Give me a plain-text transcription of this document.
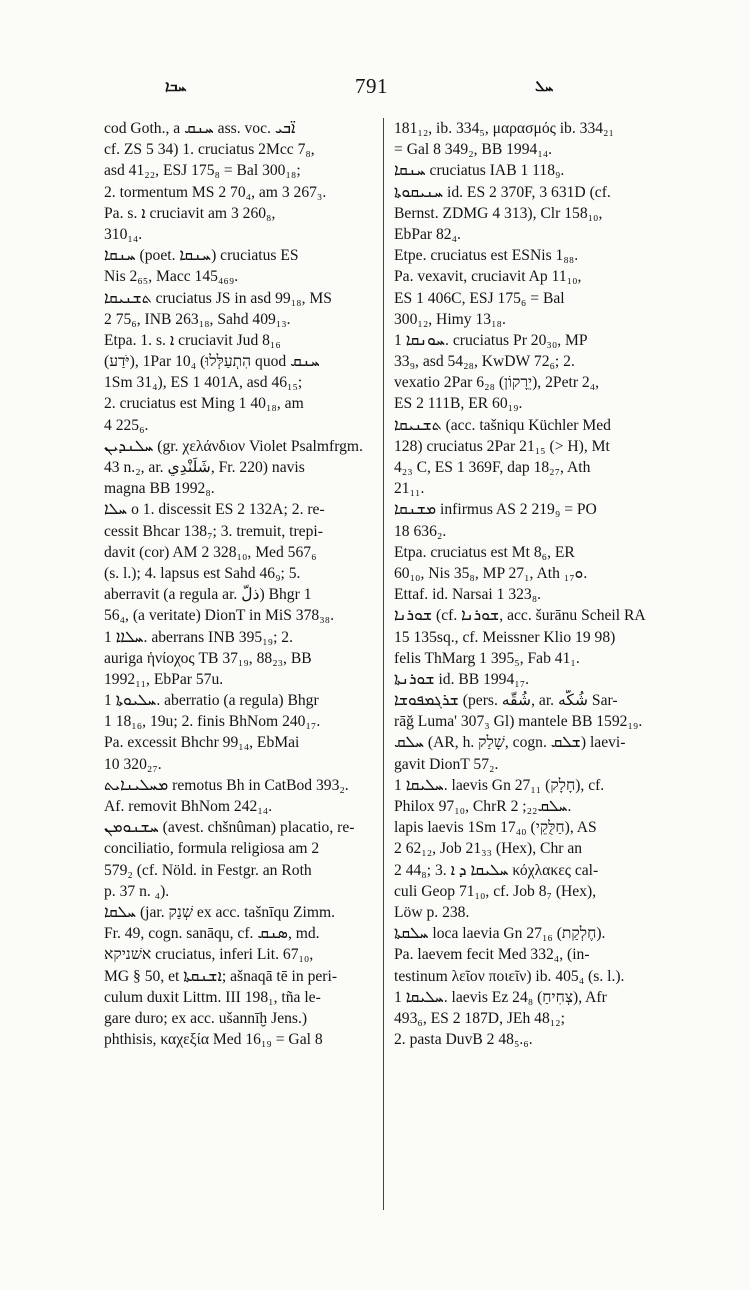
ܚܒܐ	791	ܚܠ
cod Goth., a ܚܢܩ ass. voc. ܐ̈ܒܝ
cf. ZS 5 34) 1. cruciatus 2Mcc 7₈,
asd 41₂₂, ESJ 175₈ = Bal 300₁₈;
2. tormentum MS 2 70₄, am 3 267₃.
Pa. s. ܐ cruciavit am 3 260₈,
310₁₄.
ܚܢܩܐ (poet. ܚܢܩܐ) cruciatus ES
Nis 2₆₅, Macc 145₄₆₉.
ܬܫܢܝܩܐ cruciatus JS in asd 99₁₈, MS
2 75₆, INB 263₁₈, Sahd 409₁₃.
Etpa. 1. s. ܐ cruciavit Jud 8₁₆
(יֹּדַע), 1Par 10₄ (הִתְעַלְּלוּ quod ܚܢܩ
1Sm 31₄), ES 1 401A, asd 46₁₅;
2. cruciatus est Ming 1 40₁₈, am
4 225₆.
ܚܠܢܕܝܢ (gr. χελάνδιον Violet Psalmfrgm.
43 n.₂, ar. شَلَنْدِي, Fr. 220) navis
magna BB 1992₈.
ܚܠܐ o 1. discessit ES 2 132A; 2. re-
cessit Bhcar 138₇; 3. tremuit, trepi-
davit (cor) AM 2 328₁₀, Med 567₆
(s. l.); 4. lapsus est Sahd 46₉; 5.
aberravit (a regula ar. ذلّ) Bhgr 1
56₄, (a veritate) DionT in MiS 378₃₈.
ܚܠܐܐ 1. aberrans INB 395₁₉; 2.
auriga ἡνίοχος TB 37₁₉, 88₂₃, BB
1992₁₁, EbPar 57u.
ܚܠܝܘܬܐ 1. aberratio (a regula) Bhgr
1 18₁₆, 19u; 2. finis BhNom 240₁₇.
Pa. excessit Bhchr 99₁₄, EbMai
10 320₂₇.
ܡܚܠܝܢܐܝܬ remotus Bh in CatBod 393₂.
Af. removit BhNom 242₁₄.
ܚܫܢܘܡܢ (avest. chšnûman) placatio, re-
conciliatio, formula religiosa am 2
579₂ (cf. Nöld. in Festgr. an Roth
p. 37 n. ₄).
ܚܠܩܐ (jar. שְׁנַק ex acc. tašnīqu Zimm.
Fr. 49, cogn. sanāqu, cf. ܣܢܩ, md.
אשׁניקא cruciatus, inferi Lit. 67₁₀,
MG § 50, et ܐܫܢܩܬܐ; ašnaqā tē in peri-
culum duxit Littm. III 198₁, tña le-
gare duro; ex acc. ušannīḫ Jens.)
phthisis, καχεξία Med 16₁₉ = Gal 8
181₁₂, ib. 334₅, μαρασμός ib. 334₂₁
= Gal 8 349₂, BB 1994₁₄.
ܚܢܩܐ cruciatus IAB 1 118₉.
ܚܢܝܩܘܬܐ id. ES 2 370F, 3 631D (cf.
Bernst. ZDMG 4 313), Clr 158₁₀,
EbPar 82₄.
Etpe. cruciatus est ESNis 1₈₈.
Pa. vexavit, cruciavit Ap 11₁₀,
ES 1 406C, ESJ 175₆ = Bal
300₁₂, Himy 13₁₈.
ܚܘܢܩܐ 1. cruciatus Pr 20₃₀, MP
33₉, asd 54₂₈, KwDW 72₆; 2.
vexatio 2Par 6₂₈ (יֵרָקוֹן), 2Petr 2₄,
ES 2 111B, ER 60₁₉.
ܬܫܢܝܩܐ (acc. tašniqu Küchler Med
128) cruciatus 2Par 21₁₅ (> H), Mt
4₂₃ C, ES 1 369F, dap 18₂₇, Ath
21₁₁.
ܡܫܢܩܐ infirmus AS 2 219₉ = PO
18 636₂.
Etpa. cruciatus est Mt 8₆, ER
60₁₀, Nis 35₈, MP 27₁, Ath ܘ₁₇.
Ettaf. id. Narsai 1 323₈.
ܫܘܪܢܐ (cf. ܫܘܪܢܐ, acc. šurānu Scheil RA
15 135sq., cf. Meissner Klio 19 98)
felis ThMarg 1 395₅, Fab 41₁.
ܫܘܪܢܬܐ id. BB 1994₁₇.
ܫܪܓܡܦܘܫܐ (pers. شُقّه, ar. شُكّه Sar-
rāğ Luma' 307₃ Gl) mantele BB 1592₁₉.
ܚܠܩ (AR, h. שָׁלַק, cogn. ܫܠܩ) laevi-
gavit DionT 57₂.
ܚܠܝܩܐ 1. laevis Gn 27₁₁ (חָלָק), cf.
Philox 97₁₀, ChrR ܚܠܩ₂₂; 2.
lapis laevis 1Sm 17₄₀ (חַלֻּקֵי), AS
2 62₁₂, Job 21₃₃ (Hex), Chr an
2 44₈; 3. ܚܠܝܩܐ ܕ ܐ κόχλακες cal-
culi Geop 71₁₀, cf. Job 8₇ (Hex),
Löw p. 238.
ܚܠܩܬܐ loca laevia Gn 27₁₆ (חֶלְקַת).
Pa. laevem fecit Med 332₄, (in-
testinum λεῖον ποιεῖν) ib. 405₄ (s. l.).
ܚܠܝܩܐ 1. laevis Ez 24₈ (צְחִיחַ), Afr
493₆, ES 2 187D, JEh 48₁₂;
2. pasta DuvB 2 48₅.₆.
